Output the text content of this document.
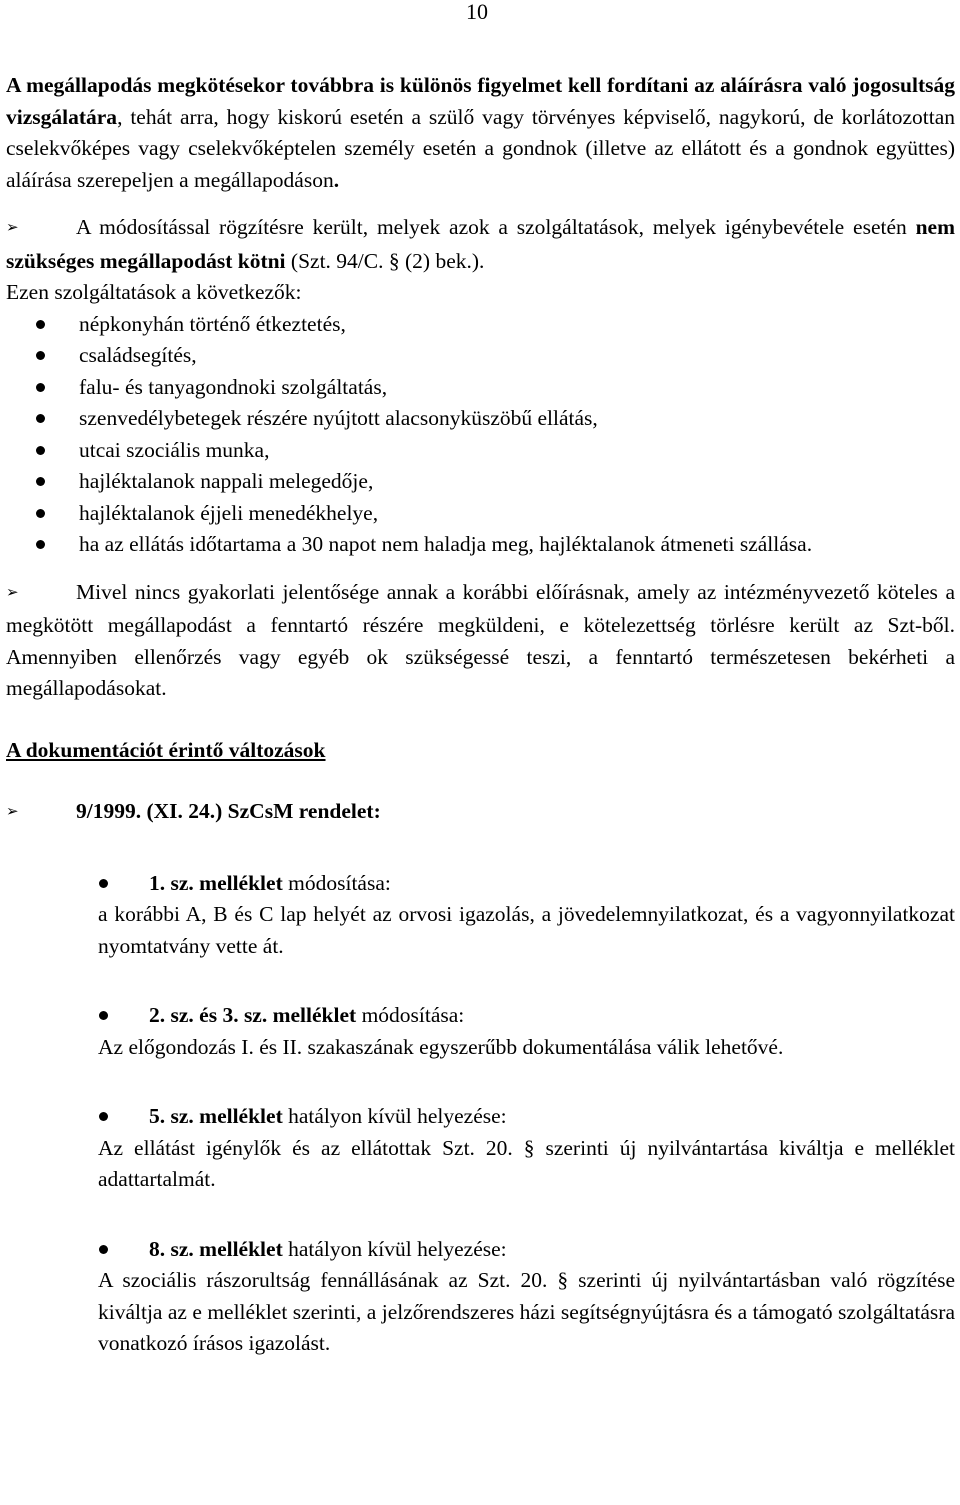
10

A megállapodás megkötésekor továbbra is különös figyelmet kell fordítani az aláírásra való jogosultság vizsgálatára, tehát arra, hogy kiskorú esetén a szülő vagy törvényes képviselő, nagykorú, de korlátozottan cselekvőképes vagy cselekvőképtelen személy esetén a gondnok (illetve az ellátott és a gondnok együttes) aláírása szerepeljen a megállapodáson.

➢	A módosítással rögzítésre került, melyek azok a szolgáltatások, melyek igénybevétele esetén nem szükséges megállapodást kötni (Szt. 94/C. § (2) bek.).

Ezen szolgáltatások a következők:

népkonyhán történő étkeztetés,
családsegítés,
falu- és tanyagondnoki szolgáltatás,
szenvedélybetegek részére nyújtott alacsonyküszöbű ellátás,
utcai szociális munka,
hajléktalanok nappali melegedője,
hajléktalanok éjjeli menedékhelye,
ha az ellátás időtartama a 30 napot nem haladja meg, hajléktalanok átmeneti szállása.

➢	Mivel nincs gyakorlati jelentősége annak a korábbi előírásnak, amely az intézményvezető köteles a megkötött megállapodást a fenntartó részére megküldeni, e kötelezettség törlésre került az Szt-ből. Amennyiben ellenőrzés vagy egyéb ok szükségessé teszi, a fenntartó természetesen bekérheti a megállapodásokat.

A dokumentációt érintő változások

➢	9/1999. (XI. 24.) SzCsM rendelet:

1. sz. melléklet módosítása:

a korábbi A, B és C lap helyét az orvosi igazolás, a jövedelemnyilatkozat, és a vagyonnyilatkozat nyomtatvány vette át.

2. sz. és 3. sz. melléklet módosítása:

Az előgondozás I. és II. szakaszának egyszerűbb dokumentálása válik lehetővé.

5. sz. melléklet hatályon kívül helyezése:

Az ellátást igénylők és az ellátottak Szt. 20. § szerinti új nyilvántartása kiváltja e melléklet adattartalmát.

8. sz. melléklet hatályon kívül helyezése:

A szociális rászorultság fennállásának az Szt. 20. § szerinti új nyilvántartásban való rögzítése kiváltja az e melléklet szerinti, a jelzőrendszeres házi segítségnyújtásra és a támogató szolgáltatásra vonatkozó írásos igazolást.
